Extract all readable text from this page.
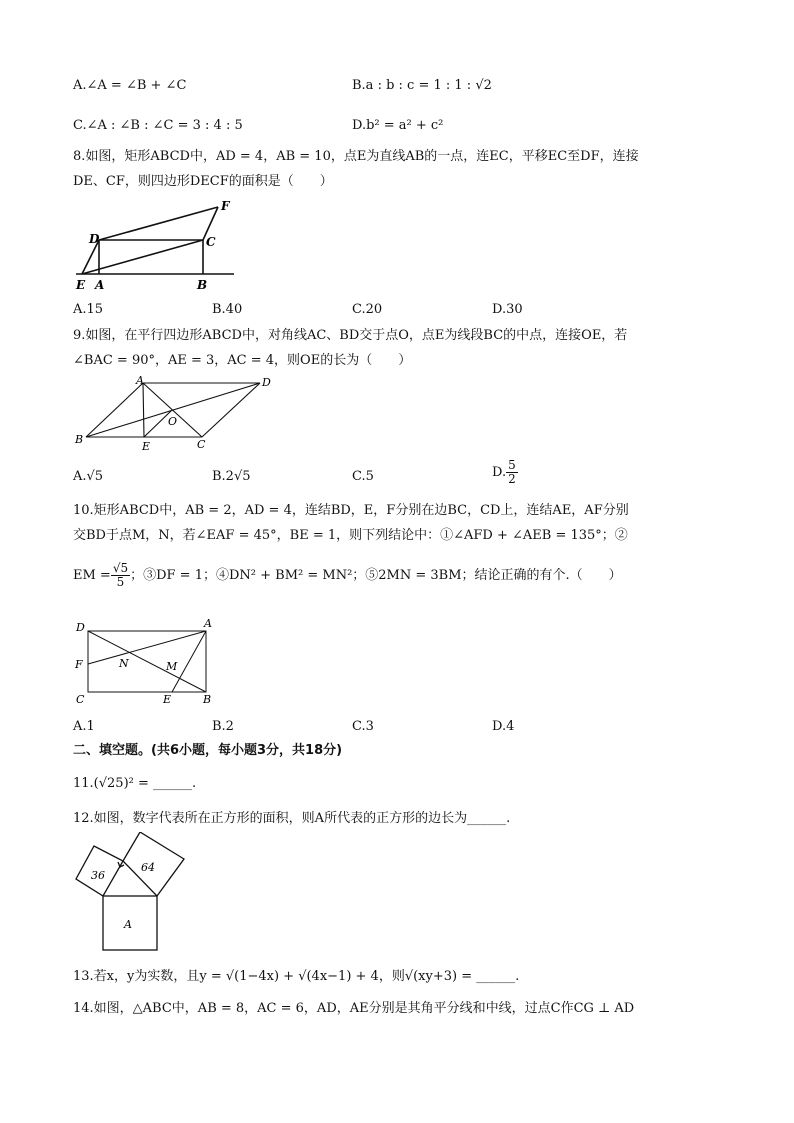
A.∠A = ∠B + ∠C	B.a : b : c = 1 : 1 : √2
C.∠A : ∠B : ∠C = 3 : 4 : 5	D.b² = a² + c²
8.如图，矩形ABCD中，AD = 4，AB = 10，点E为直线AB的一点，连EC，平移EC至DF，连接
DE、CF，则四边形DECF的面积是（　　）
D	C
F
E A	B
A.15	B.40	C.20	D.30
9.如图，在平行四边形ABCD中，对角线AC、BD交于点O，点E为线段BC的中点，连接OE，若
∠BAC = 90°，AE = 3，AC = 4，则OE的长为（　　）
A	D
B
E	C
O
A.√5	B.2√5	C.5	D. $\frac{5}{2}$
10.矩形ABCD中，AB = 2，AD = 4，连结BD，E，F分别在边BC，CD上，连结AE，AF分别
交BD于点M，N，若∠EAF = 45°，BE = 1，则下列结论中：①∠AFD + ∠AEB = 135°；②
EM = $\frac{√5}{5}$ ；③DF = 1；④DN² + BM² = MN²；⑤2MN = 3BM；结论正确的有个.（　　）
D	A
F	N	M
C	E	B
A.1	B.2	C.3	D.4
二、填空题。(共6小题，每小题3分，共18分)
11.(√25)² = ______.
12.如图，数字代表所在正方形的面积，则A所代表的正方形的边长为______.
36
64
A
13.若x，y为实数，且y = √(1−4x) + √(4x−1) + 4，则√(xy+3) = ______.
14.如图，△ABC中，AB = 8，AC = 6，AD，AE分别是其角平分线和中线，过点C作CG ⊥ AD
